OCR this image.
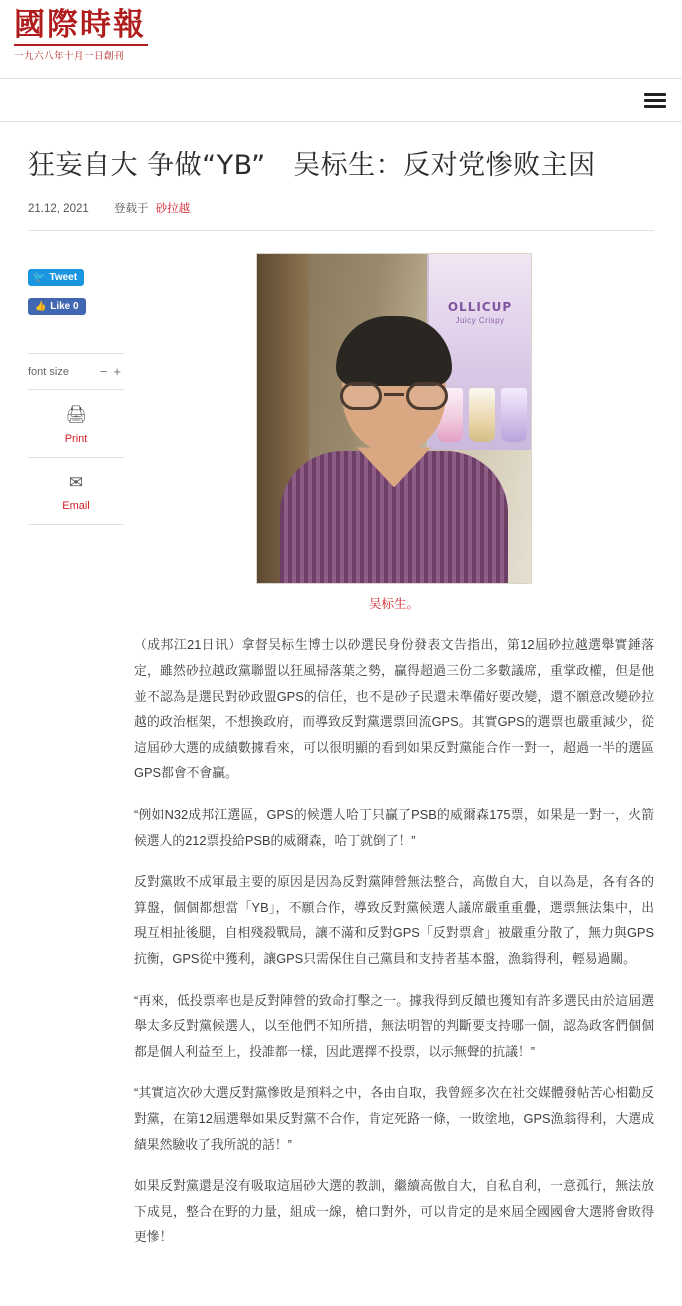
國際時報
一九六八年十月一日創刊
狂妄自大 争做“YB”　吴标生：反对党惨败主因
21.12, 2021 登载于 砂拉越
🐦 Tweet

👍 Like 0
font size	− +
🖨
Print
✉
Email
OLLICUP
Juicy Crispy
吴标生。

（成邦江21日讯）拿督吴标生博士以砂選民身份發表文告指出，第12屆砂拉越選舉實錘落定，雖然砂拉越政黨聯盟以狂風掃落葉之勢，贏得超過三份二多數議席，重掌政權，但是他並不認為是選民對砂政盟GPS的信任，也不是砂子民還未準備好要改變，還不願意改變砂拉越的政治框架，不想換政府，而導致反對黨選票回流GPS。其實GPS的選票也嚴重減少，從這屆砂大選的成績數據看來，可以很明顯的看到如果反對黨能合作一對一，超過一半的選區GPS都會不會贏。

“例如N32成邦江選區，GPS的候選人哈丁只贏了PSB的威爾森175票，如果是一對一，火箭候選人的212票投給PSB的威爾森，哈丁就倒了！”

反對黨敗不成軍最主要的原因是因為反對黨陣營無法整合，高傲自大，自以為是，各有各的算盤，個個都想當「YB」，不願合作，導致反對黨候選人議席嚴重重疊，選票無法集中，出現互相扯後腿，自相殘殺戰局，讓不滿和反對GPS「反對票倉」被嚴重分散了，無力與GPS抗衡，GPS從中獲利，讓GPS只需保住自己黨員和支持者基本盤，漁翁得利，輕易過關。

“再來，低投票率也是反對陣營的致命打擊之一。據我得到反饋也獲知有許多選民由於這屆選舉太多反對黨候選人，以至他們不知所措，無法明智的判斷要支持哪一個，認為政客們個個都是個人利益至上，投誰都一樣，因此選擇不投票，以示無聲的抗議！”

“其實這次砂大選反對黨慘敗是預料之中，各由自取，我曾經多次在社交媒體發帖苦心相勸反對黨，在第12屆選舉如果反對黨不合作，肯定死路一條，一敗塗地，GPS漁翁得利，大選成績果然驗收了我所説的話！”

如果反對黨還是沒有吸取這屆砂大選的教訓，繼續高傲自大，自私自利，一意孤行，無法放下成見，整合在野的力量，組成一線，槍口對外，可以肯定的是來屆全國國會大選將會敗得更慘！
